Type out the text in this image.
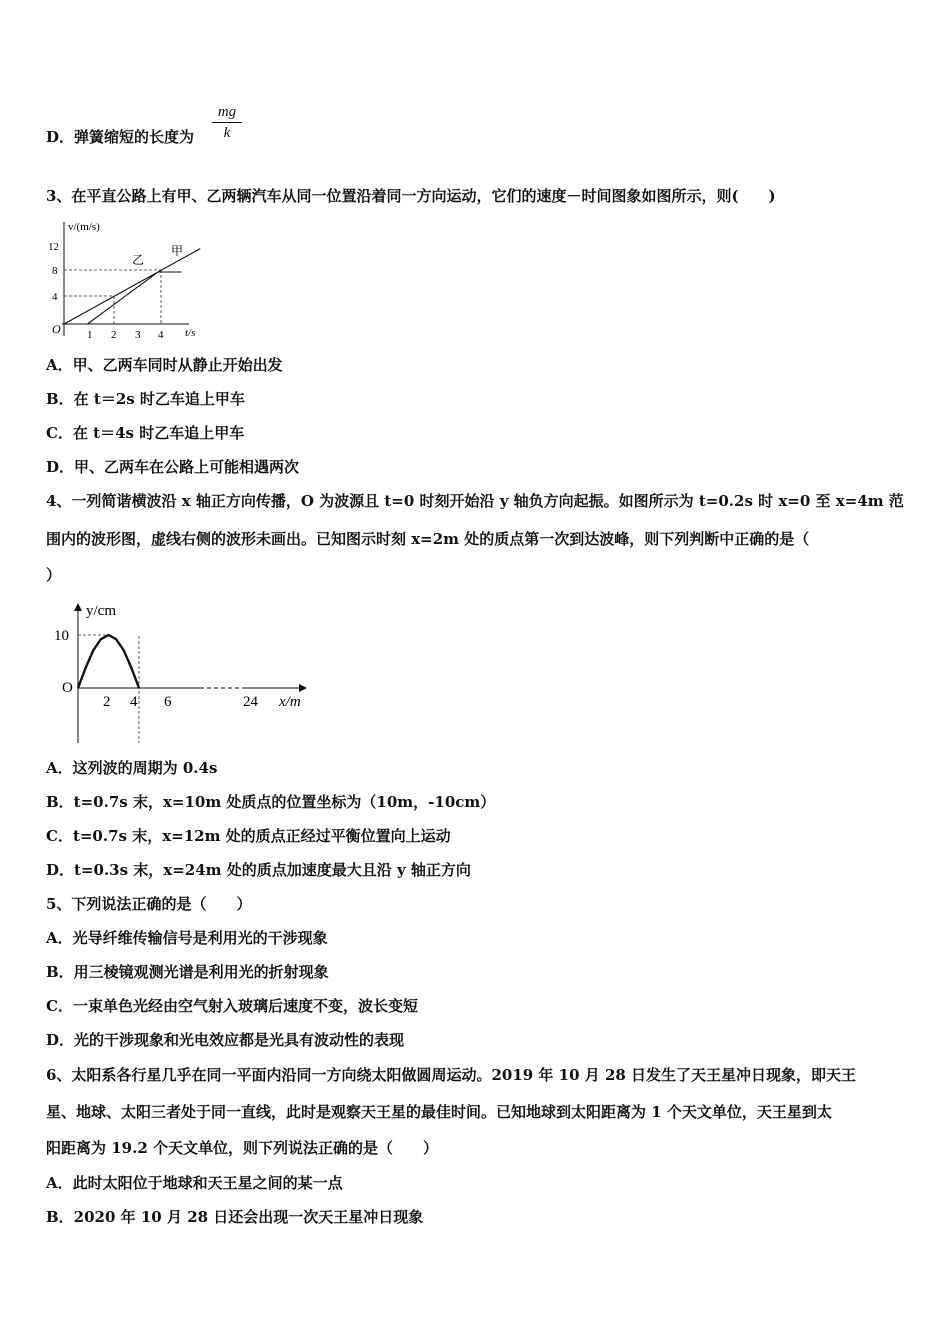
D．弹簧缩短的长度为 $\frac{mg}{k}$
3、在平直公路上有甲、乙两辆汽车从同一位置沿着同一方向运动，它们的速度－时间图象如图所示，则(　　)
O
v/(m/s)
t/s
1 2 3 4
4
8
12	甲
乙
A．甲、乙两车同时从静止开始出发
B．在 t＝2s 时乙车追上甲车
C．在 t＝4s 时乙车追上甲车
D．甲、乙两车在公路上可能相遇两次
4、一列简谐横波沿 x 轴正方向传播，O 为波源且 t=0 时刻开始沿 y 轴负方向起振。如图所示为 t=0.2s 时 x=0 至 x=4m 范
围内的波形图，虚线右侧的波形未画出。已知图示时刻 x=2m 处的质点第一次到达波峰，则下列判断中正确的是（
）
y/cm
10
O
2 4 6	24 x/m
A．这列波的周期为 0.4s
B．t=0.7s 末，x=10m 处质点的位置坐标为（10m，-10cm）
C．t=0.7s 末，x=12m 处的质点正经过平衡位置向上运动
D．t=0.3s 末，x=24m 处的质点加速度最大且沿 y 轴正方向
5、下列说法正确的是（　　）
A．光导纤维传输信号是利用光的干涉现象
B．用三棱镜观测光谱是利用光的折射现象
C．一束单色光经由空气射入玻璃后速度不变，波长变短
D．光的干涉现象和光电效应都是光具有波动性的表现
6、太阳系各行星几乎在同一平面内沿同一方向绕太阳做圆周运动。2019 年 10 月 28 日发生了天王星冲日现象，即天王
星、地球、太阳三者处于同一直线，此时是观察天王星的最佳时间。已知地球到太阳距离为 1 个天文单位，天王星到太
阳距离为 19.2 个天文单位，则下列说法正确的是（　　）
A．此时太阳位于地球和天王星之间的某一点
B．2020 年 10 月 28 日还会出现一次天王星冲日现象
